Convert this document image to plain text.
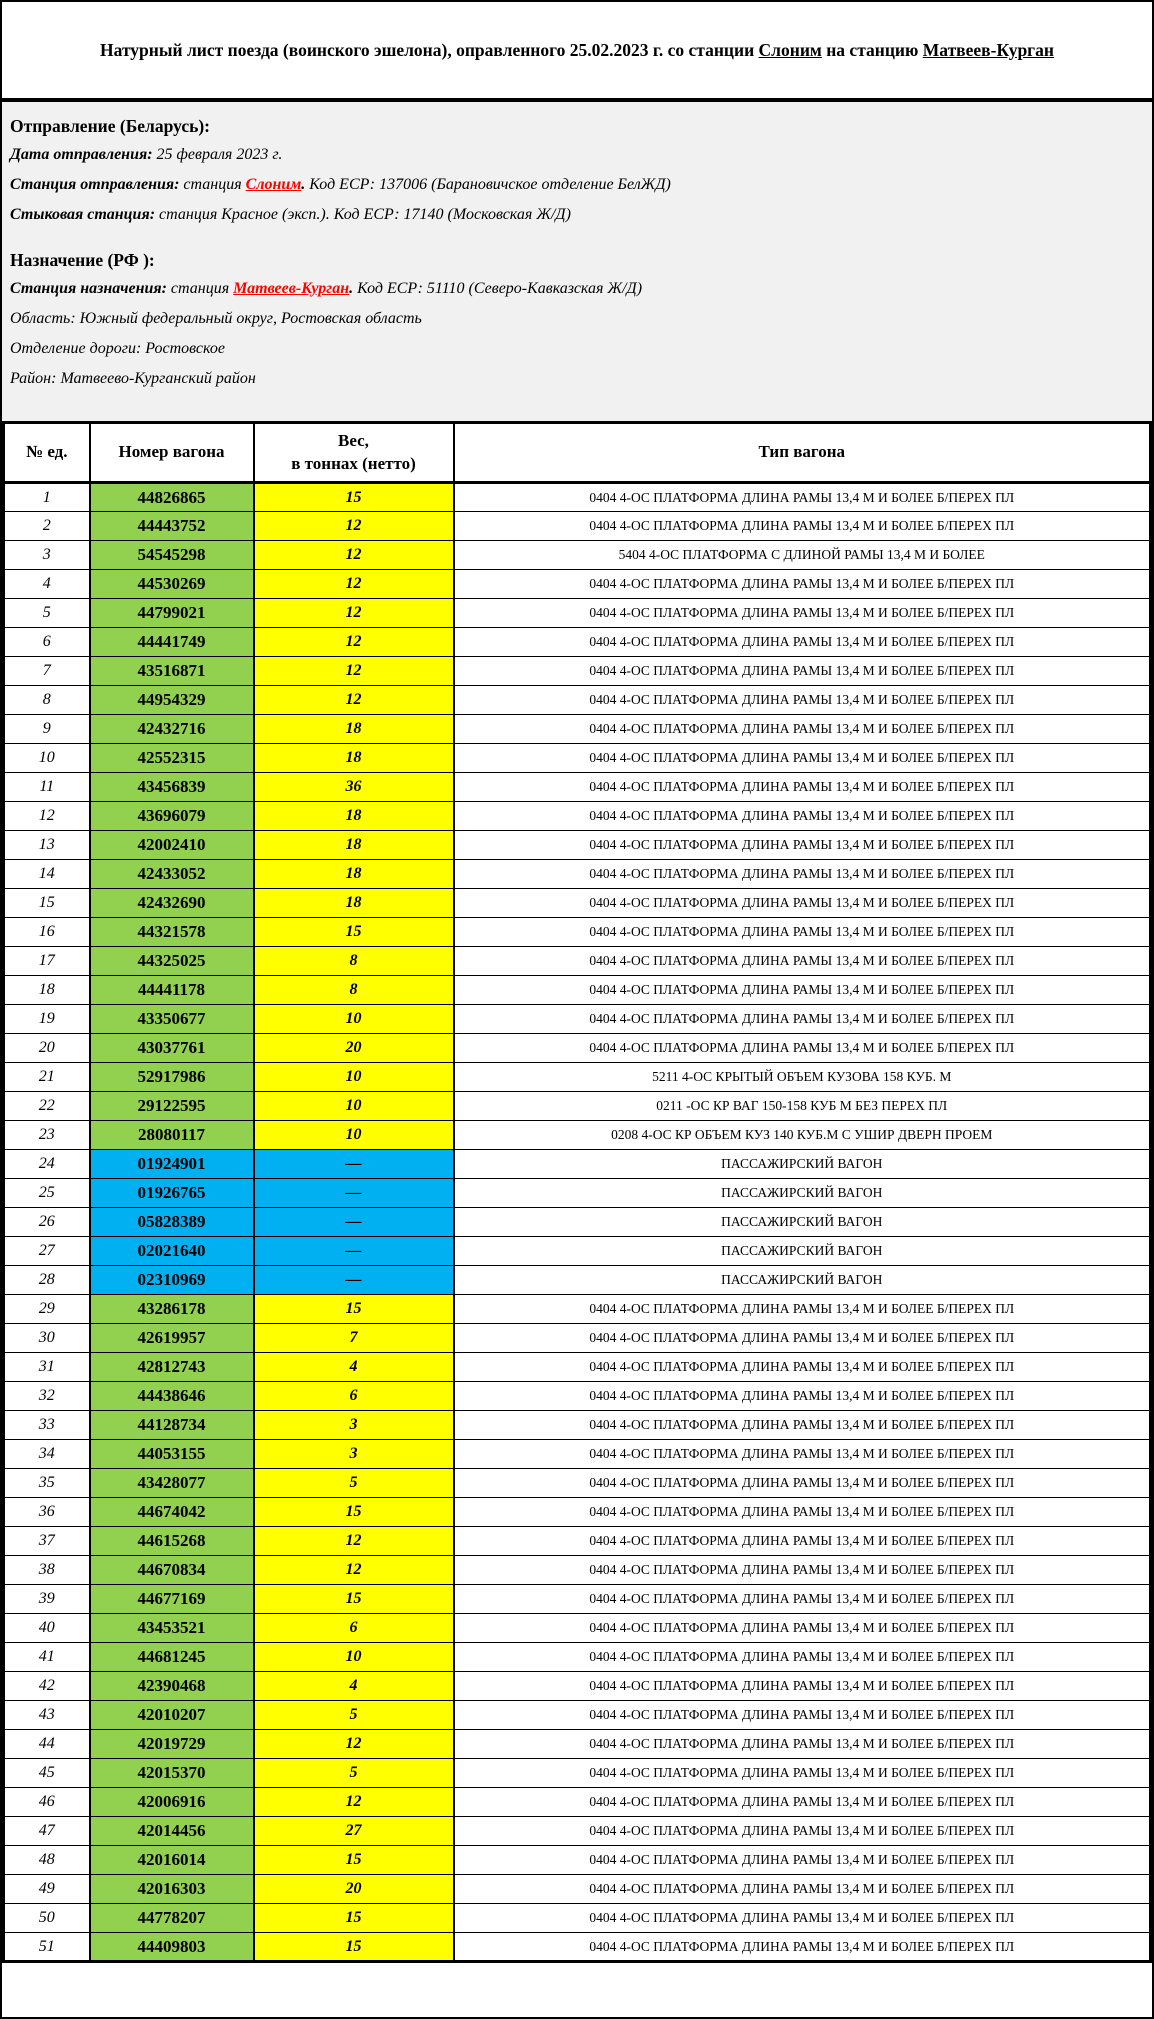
Натурный лист поезда (воинского эшелона), оправленного 25.02.2023 г. со станции Слоним на станцию Матвеев-Курган
Отправление (Беларусь):
Дата отправления: 25 февраля 2023 г.
Станция отправления: станция Слоним. Код ЕСР: 137006 (Барановичское отделение БелЖД)
Стыковая станция: станция Красное (эксп.). Код ЕСР: 17140 (Московская Ж/Д)
Назначение (РФ ):
Станция назначения: станция Матвеев-Курган. Код ЕСР: 51110 (Северо-Кавказская Ж/Д)
Область: Южный федеральный округ, Ростовская область
Отделение дороги: Ростовское
Район: Матвеево-Курганский район
№ ед.	Номер вагона	Вес,
в тоннах (нетто)	Тип вагона
1	44826865	15	0404 4-ОС ПЛАТФОРМА ДЛИНА РАМЫ 13,4 М И БОЛЕЕ Б/ПЕРЕХ ПЛ
2	44443752	12	0404 4-ОС ПЛАТФОРМА ДЛИНА РАМЫ 13,4 М И БОЛЕЕ Б/ПЕРЕХ ПЛ
3	54545298	12	5404 4-ОС ПЛАТФОРМА С ДЛИНОЙ РАМЫ 13,4 М И БОЛЕЕ
4	44530269	12	0404 4-ОС ПЛАТФОРМА ДЛИНА РАМЫ 13,4 М И БОЛЕЕ Б/ПЕРЕХ ПЛ
5	44799021	12	0404 4-ОС ПЛАТФОРМА ДЛИНА РАМЫ 13,4 М И БОЛЕЕ Б/ПЕРЕХ ПЛ
6	44441749	12	0404 4-ОС ПЛАТФОРМА ДЛИНА РАМЫ 13,4 М И БОЛЕЕ Б/ПЕРЕХ ПЛ
7	43516871	12	0404 4-ОС ПЛАТФОРМА ДЛИНА РАМЫ 13,4 М И БОЛЕЕ Б/ПЕРЕХ ПЛ
8	44954329	12	0404 4-ОС ПЛАТФОРМА ДЛИНА РАМЫ 13,4 М И БОЛЕЕ Б/ПЕРЕХ ПЛ
9	42432716	18	0404 4-ОС ПЛАТФОРМА ДЛИНА РАМЫ 13,4 М И БОЛЕЕ Б/ПЕРЕХ ПЛ
10	42552315	18	0404 4-ОС ПЛАТФОРМА ДЛИНА РАМЫ 13,4 М И БОЛЕЕ Б/ПЕРЕХ ПЛ
11	43456839	36	0404 4-ОС ПЛАТФОРМА ДЛИНА РАМЫ 13,4 М И БОЛЕЕ Б/ПЕРЕХ ПЛ
12	43696079	18	0404 4-ОС ПЛАТФОРМА ДЛИНА РАМЫ 13,4 М И БОЛЕЕ Б/ПЕРЕХ ПЛ
13	42002410	18	0404 4-ОС ПЛАТФОРМА ДЛИНА РАМЫ 13,4 М И БОЛЕЕ Б/ПЕРЕХ ПЛ
14	42433052	18	0404 4-ОС ПЛАТФОРМА ДЛИНА РАМЫ 13,4 М И БОЛЕЕ Б/ПЕРЕХ ПЛ
15	42432690	18	0404 4-ОС ПЛАТФОРМА ДЛИНА РАМЫ 13,4 М И БОЛЕЕ Б/ПЕРЕХ ПЛ
16	44321578	15	0404 4-ОС ПЛАТФОРМА ДЛИНА РАМЫ 13,4 М И БОЛЕЕ Б/ПЕРЕХ ПЛ
17	44325025	8	0404 4-ОС ПЛАТФОРМА ДЛИНА РАМЫ 13,4 М И БОЛЕЕ Б/ПЕРЕХ ПЛ
18	44441178	8	0404 4-ОС ПЛАТФОРМА ДЛИНА РАМЫ 13,4 М И БОЛЕЕ Б/ПЕРЕХ ПЛ
19	43350677	10	0404 4-ОС ПЛАТФОРМА ДЛИНА РАМЫ 13,4 М И БОЛЕЕ Б/ПЕРЕХ ПЛ
20	43037761	20	0404 4-ОС ПЛАТФОРМА ДЛИНА РАМЫ 13,4 М И БОЛЕЕ Б/ПЕРЕХ ПЛ
21	52917986	10	5211 4-ОС КРЫТЫЙ ОБЪЕМ КУЗОВА 158 КУБ. М
22	29122595	10	0211 -ОС КР ВАГ 150-158 КУБ М БЕЗ ПЕРЕХ ПЛ
23	28080117	10	0208 4-ОС КР ОБЪЕМ КУЗ 140 КУБ.М С УШИР ДВЕРН ПРОЕМ
24	01924901	—	ПАССАЖИРСКИЙ ВАГОН
25	01926765	—	ПАССАЖИРСКИЙ ВАГОН
26	05828389	—	ПАССАЖИРСКИЙ ВАГОН
27	02021640	—	ПАССАЖИРСКИЙ ВАГОН
28	02310969	—	ПАССАЖИРСКИЙ ВАГОН
29	43286178	15	0404 4-ОС ПЛАТФОРМА ДЛИНА РАМЫ 13,4 М И БОЛЕЕ Б/ПЕРЕХ ПЛ
30	42619957	7	0404 4-ОС ПЛАТФОРМА ДЛИНА РАМЫ 13,4 М И БОЛЕЕ Б/ПЕРЕХ ПЛ
31	42812743	4	0404 4-ОС ПЛАТФОРМА ДЛИНА РАМЫ 13,4 М И БОЛЕЕ Б/ПЕРЕХ ПЛ
32	44438646	6	0404 4-ОС ПЛАТФОРМА ДЛИНА РАМЫ 13,4 М И БОЛЕЕ Б/ПЕРЕХ ПЛ
33	44128734	3	0404 4-ОС ПЛАТФОРМА ДЛИНА РАМЫ 13,4 М И БОЛЕЕ Б/ПЕРЕХ ПЛ
34	44053155	3	0404 4-ОС ПЛАТФОРМА ДЛИНА РАМЫ 13,4 М И БОЛЕЕ Б/ПЕРЕХ ПЛ
35	43428077	5	0404 4-ОС ПЛАТФОРМА ДЛИНА РАМЫ 13,4 М И БОЛЕЕ Б/ПЕРЕХ ПЛ
36	44674042	15	0404 4-ОС ПЛАТФОРМА ДЛИНА РАМЫ 13,4 М И БОЛЕЕ Б/ПЕРЕХ ПЛ
37	44615268	12	0404 4-ОС ПЛАТФОРМА ДЛИНА РАМЫ 13,4 М И БОЛЕЕ Б/ПЕРЕХ ПЛ
38	44670834	12	0404 4-ОС ПЛАТФОРМА ДЛИНА РАМЫ 13,4 М И БОЛЕЕ Б/ПЕРЕХ ПЛ
39	44677169	15	0404 4-ОС ПЛАТФОРМА ДЛИНА РАМЫ 13,4 М И БОЛЕЕ Б/ПЕРЕХ ПЛ
40	43453521	6	0404 4-ОС ПЛАТФОРМА ДЛИНА РАМЫ 13,4 М И БОЛЕЕ Б/ПЕРЕХ ПЛ
41	44681245	10	0404 4-ОС ПЛАТФОРМА ДЛИНА РАМЫ 13,4 М И БОЛЕЕ Б/ПЕРЕХ ПЛ
42	42390468	4	0404 4-ОС ПЛАТФОРМА ДЛИНА РАМЫ 13,4 М И БОЛЕЕ Б/ПЕРЕХ ПЛ
43	42010207	5	0404 4-ОС ПЛАТФОРМА ДЛИНА РАМЫ 13,4 М И БОЛЕЕ Б/ПЕРЕХ ПЛ
44	42019729	12	0404 4-ОС ПЛАТФОРМА ДЛИНА РАМЫ 13,4 М И БОЛЕЕ Б/ПЕРЕХ ПЛ
45	42015370	5	0404 4-ОС ПЛАТФОРМА ДЛИНА РАМЫ 13,4 М И БОЛЕЕ Б/ПЕРЕХ ПЛ
46	42006916	12	0404 4-ОС ПЛАТФОРМА ДЛИНА РАМЫ 13,4 М И БОЛЕЕ Б/ПЕРЕХ ПЛ
47	42014456	27	0404 4-ОС ПЛАТФОРМА ДЛИНА РАМЫ 13,4 М И БОЛЕЕ Б/ПЕРЕХ ПЛ
48	42016014	15	0404 4-ОС ПЛАТФОРМА ДЛИНА РАМЫ 13,4 М И БОЛЕЕ Б/ПЕРЕХ ПЛ
49	42016303	20	0404 4-ОС ПЛАТФОРМА ДЛИНА РАМЫ 13,4 М И БОЛЕЕ Б/ПЕРЕХ ПЛ
50	44778207	15	0404 4-ОС ПЛАТФОРМА ДЛИНА РАМЫ 13,4 М И БОЛЕЕ Б/ПЕРЕХ ПЛ
51	44409803	15	0404 4-ОС ПЛАТФОРМА ДЛИНА РАМЫ 13,4 М И БОЛЕЕ Б/ПЕРЕХ ПЛ
